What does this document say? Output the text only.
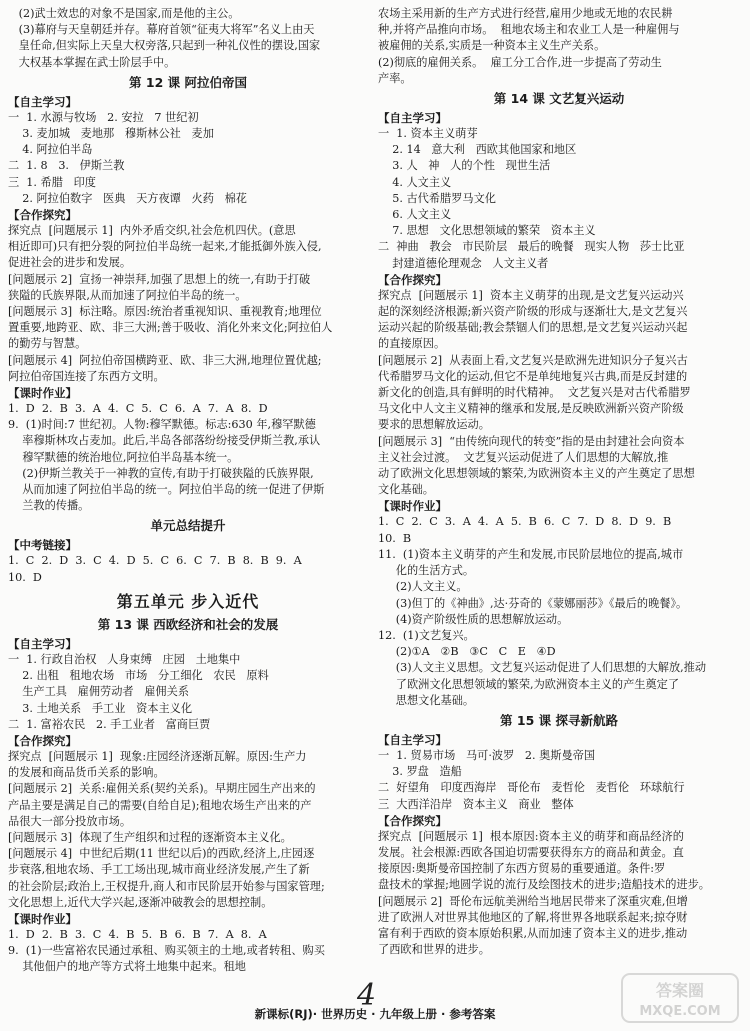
(2)武士效忠的对象不是国家,而是他的主公。
(3)幕府与天皇朝廷并存。幕府首领“征夷大将军”名义上由天
皇任命,但实际上天皇大权旁落,只起到一种礼仪性的摆设,国家
大权基本掌握在武士阶层手中。
第 12 课 阿拉伯帝国
【自主学习】
一  1. 水源与牧场   2. 安拉   7 世纪初
3. 麦加城   麦地那   穆斯林公社   麦加
4. 阿拉伯半岛
二  1. 8   3.   伊斯兰教
三  1. 希腊   印度
2. 阿拉伯数字   医典   天方夜谭   火药   棉花
【合作探究】
探究点  [问题展示 1]  内外矛盾交织,社会危机四伏。(意思
相近即可)只有把分裂的阿拉伯半岛统一起来,才能抵御外族入侵,
促进社会的进步和发展。
[问题展示 2]  宣扬一神崇拜,加强了思想上的统一,有助于打破
狭隘的氏族界限,从而加速了阿拉伯半岛的统一。
[问题展示 3]  标注略。原因:统治者重视知识、重视教育;地理位
置重要,地跨亚、欧、非三大洲;善于吸收、消化外来文化;阿拉伯人
的勤劳与智慧。
[问题展示 4]  阿拉伯帝国横跨亚、欧、非三大洲,地理位置优越;
阿拉伯帝国连接了东西方文明。
【课时作业】
1.  D  2.  B  3.  A  4.  C  5.  C  6.  A  7.  A  8.  D
9.  (1)时间:7 世纪初。人物:穆罕默德。标志:630 年,穆罕默德
率穆斯林攻占麦加。此后,半岛各部落纷纷接受伊斯兰教,承认
穆罕默德的统治地位,阿拉伯半岛基本统一。
(2)伊斯兰教关于一神教的宣传,有助于打破狭隘的氏族界限,
从而加速了阿拉伯半岛的统一。阿拉伯半岛的统一促进了伊斯
兰教的传播。
单元总结提升
【中考链接】
1.  C  2.  D  3.  C  4.  D  5.  C  6.  C  7.  B  8.  B  9.  A
10.  D
第五单元 步入近代
第 13 课 西欧经济和社会的发展
【自主学习】
一  1. 行政自治权   人身束缚   庄园   土地集中
2. 出租   租地农场   市场   分工细化   农民   原料
生产工具   雇佣劳动者   雇佣关系
3. 土地关系   手工业   资本主义化
二  1. 富裕农民   2. 手工业者   富商巨贾
【合作探究】
探究点  [问题展示 1]  现象:庄园经济逐渐瓦解。原因:生产力
的发展和商品货币关系的影响。
[问题展示 2]  关系:雇佣关系(契约关系)。早期庄园生产出来的
产品主要是满足自己的需要(自给自足);租地农场生产出来的产
品很大一部分投放市场。
[问题展示 3]  体现了生产组织和过程的逐渐资本主义化。
[问题展示 4]  中世纪后期(11 世纪以后)的西欧,经济上,庄园逐
步衰落,租地农场、手工工场出现,城市商业经济发展,产生了新
的社会阶层;政治上,王权提升,商人和市民阶层开始参与国家管理;
文化思想上,近代大学兴起,逐渐冲破教会的思想控制。
【课时作业】
1.  D  2.  B  3.  C  4.  B  5.  B  6.  B  7.  A  8.  A
9.  (1)一些富裕农民通过承租、购买领主的土地,或者转租、购买
其他佃户的地产等方式将土地集中起来。租地
农场主采用新的生产方式进行经营,雇用少地或无地的农民耕
种,并将产品推向市场。  租地农场主和农业工人是一种雇佣与
被雇佣的关系,实质是一种资本主义生产关系。
(2)彻底的雇佣关系。  雇工分工合作,进一步提高了劳动生
产率。
第 14 课 文艺复兴运动
【自主学习】
一  1. 资本主义萌芽
2. 14   意大利   西欧其他国家和地区
3. 人   神   人的个性   现世生活
4. 人文主义
5. 古代希腊罗马文化
6. 人文主义
7. 思想   文化思想领域的繁荣   资本主义
二  神曲   教会   市民阶层   最后的晚餐   现实人物   莎士比亚
封建道德伦理观念   人文主义者
【合作探究】
探究点  [问题展示 1]  资本主义萌芽的出现,是文艺复兴运动兴
起的深刻经济根源;新兴资产阶级的形成与逐渐壮大,是文艺复兴
运动兴起的阶级基础;教会禁锢人们的思想,是文艺复兴运动兴起
的直接原因。
[问题展示 2]  从表面上看,文艺复兴是欧洲先进知识分子复兴古
代希腊罗马文化的运动,但它不是单纯地复兴古典,而是反封建的
新文化的创造,具有鲜明的时代精神。  文艺复兴是对古代希腊罗
马文化中人文主义精神的继承和发展,是反映欧洲新兴资产阶级
要求的思想解放运动。
[问题展示 3]  “由传统向现代的转变”指的是由封建社会向资本
主义社会过渡。  文艺复兴运动促进了人们思想的大解放,推
动了欧洲文化思想领域的繁荣,为欧洲资本主义的产生奠定了思想
文化基础。
【课时作业】
1.  C  2.  C  3.  A  4.  A  5.  B  6.  C  7.  D  8.  D  9.  B
10.  B
11.  (1)资本主义萌芽的产生和发展,市民阶层地位的提高,城市
化的生活方式。
(2)人文主义。
(3)但丁的《神曲》,达·芬奇的《蒙娜丽莎》《最后的晚餐》。
(4)资产阶级性质的思想解放运动。
12.  (1)文艺复兴。
(2)①A   ②B   ③C   C   E   ④D
(3)人文主义思想。文艺复兴运动促进了人们思想的大解放,推动
了欧洲文化思想领域的繁荣,为欧洲资本主义的产生奠定了
思想文化基础。
第 15 课 探寻新航路
【自主学习】
一  1. 贸易市场   马可·波罗   2. 奥斯曼帝国
3. 罗盘   造船
二  好望角   印度西海岸   哥伦布   麦哲伦   麦哲伦   环球航行
三  大西洋沿岸   资本主义   商业   整体
【合作探究】
探究点  [问题展示 1]  根本原因:资本主义的萌芽和商品经济的
发展。社会根源:西欧各国迫切需要获得东方的商品和黄金。直
接原因:奥斯曼帝国控制了东西方贸易的重要通道。条件:罗
盘技术的掌握;地圆学说的流行及绘图技术的进步;造船技术的进步。
[问题展示 2]  哥伦布远航美洲给当地居民带来了深重灾难,但增
进了欧洲人对世界其他地区的了解,将世界各地联系起来;掠夺财
富有利于西欧的资本原始积累,从而加速了资本主义的进步,推动
了西欧和世界的进步。
4
新课标(RJ)· 世界历史 · 九年级上册 · 参考答案
答案圈
MXQE.COM
